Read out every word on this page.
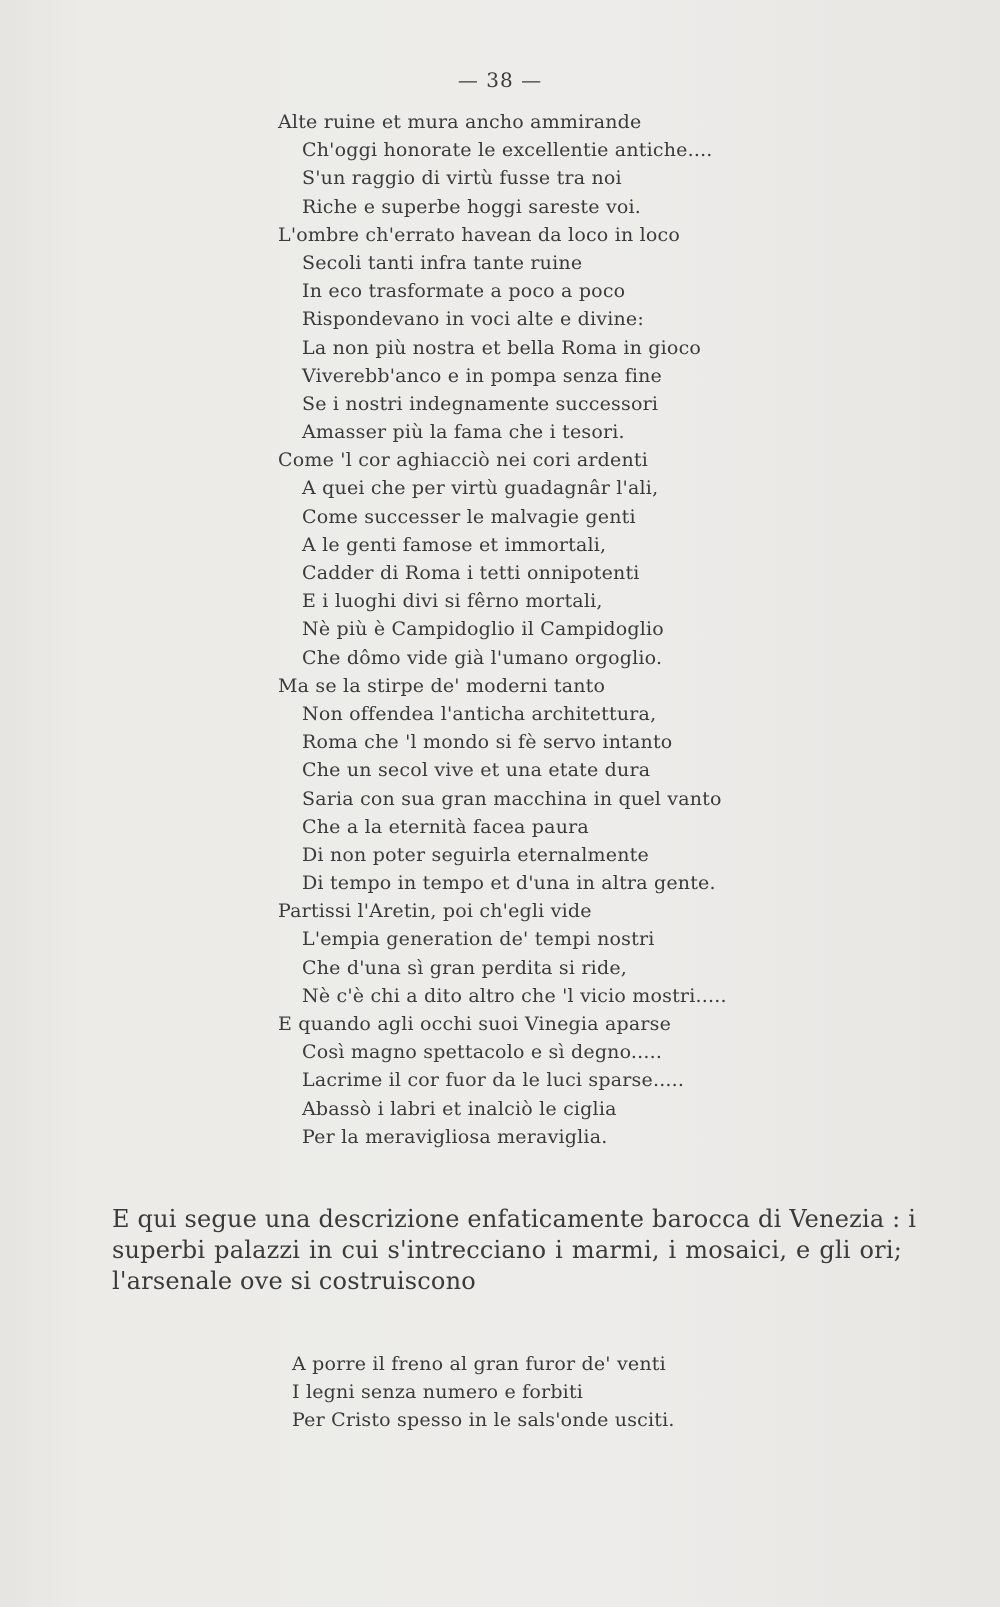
— 38 —
Alte ruine et mura ancho ammirande
Ch'oggi honorate le excellentie antiche....
S'un raggio di virtù fusse tra noi
Riche e superbe hoggi sareste voi.
L'ombre ch'errato havean da loco in loco
Secoli tanti infra tante ruine
In eco trasformate a poco a poco
Rispondevano in voci alte e divine:
La non più nostra et bella Roma in gioco
Viverebb'anco e in pompa senza fine
Se i nostri indegnamente successori
Amasser più la fama che i tesori.
Come 'l cor aghiacciò nei cori ardenti
A quei che per virtù guadagnâr l'ali,
Come successer le malvagie genti
A le genti famose et immortali,
Cadder di Roma i tetti onnipotenti
E i luoghi divi si fêrno mortali,
Nè più è Campidoglio il Campidoglio
Che dômo vide già l'umano orgoglio.
Ma se la stirpe de' moderni tanto
Non offendea l'anticha architettura,
Roma che 'l mondo si fè servo intanto
Che un secol vive et una etate dura
Saria con sua gran macchina in quel vanto
Che a la eternità facea paura
Di non poter seguirla eternalmente
Di tempo in tempo et d'una in altra gente.
Partissi l'Aretin, poi ch'egli vide
L'empia generation de' tempi nostri
Che d'una sì gran perdita si ride,
Nè c'è chi a dito altro che 'l vicio mostri.....
E quando agli occhi suoi Vinegia aparse
Così magno spettacolo e sì degno.....
Lacrime il cor fuor da le luci sparse.....
Abassò i labri et inalciò le ciglia
Per la meravigliosa meraviglia.
E qui segue una descrizione enfaticamente barocca di Venezia : i
superbi palazzi in cui s'intrecciano i marmi, i mosaici, e gli ori;
l'arsenale ove si costruiscono
A porre il freno al gran furor de' venti
I legni senza numero e forbiti
Per Cristo spesso in le sals'onde usciti.
